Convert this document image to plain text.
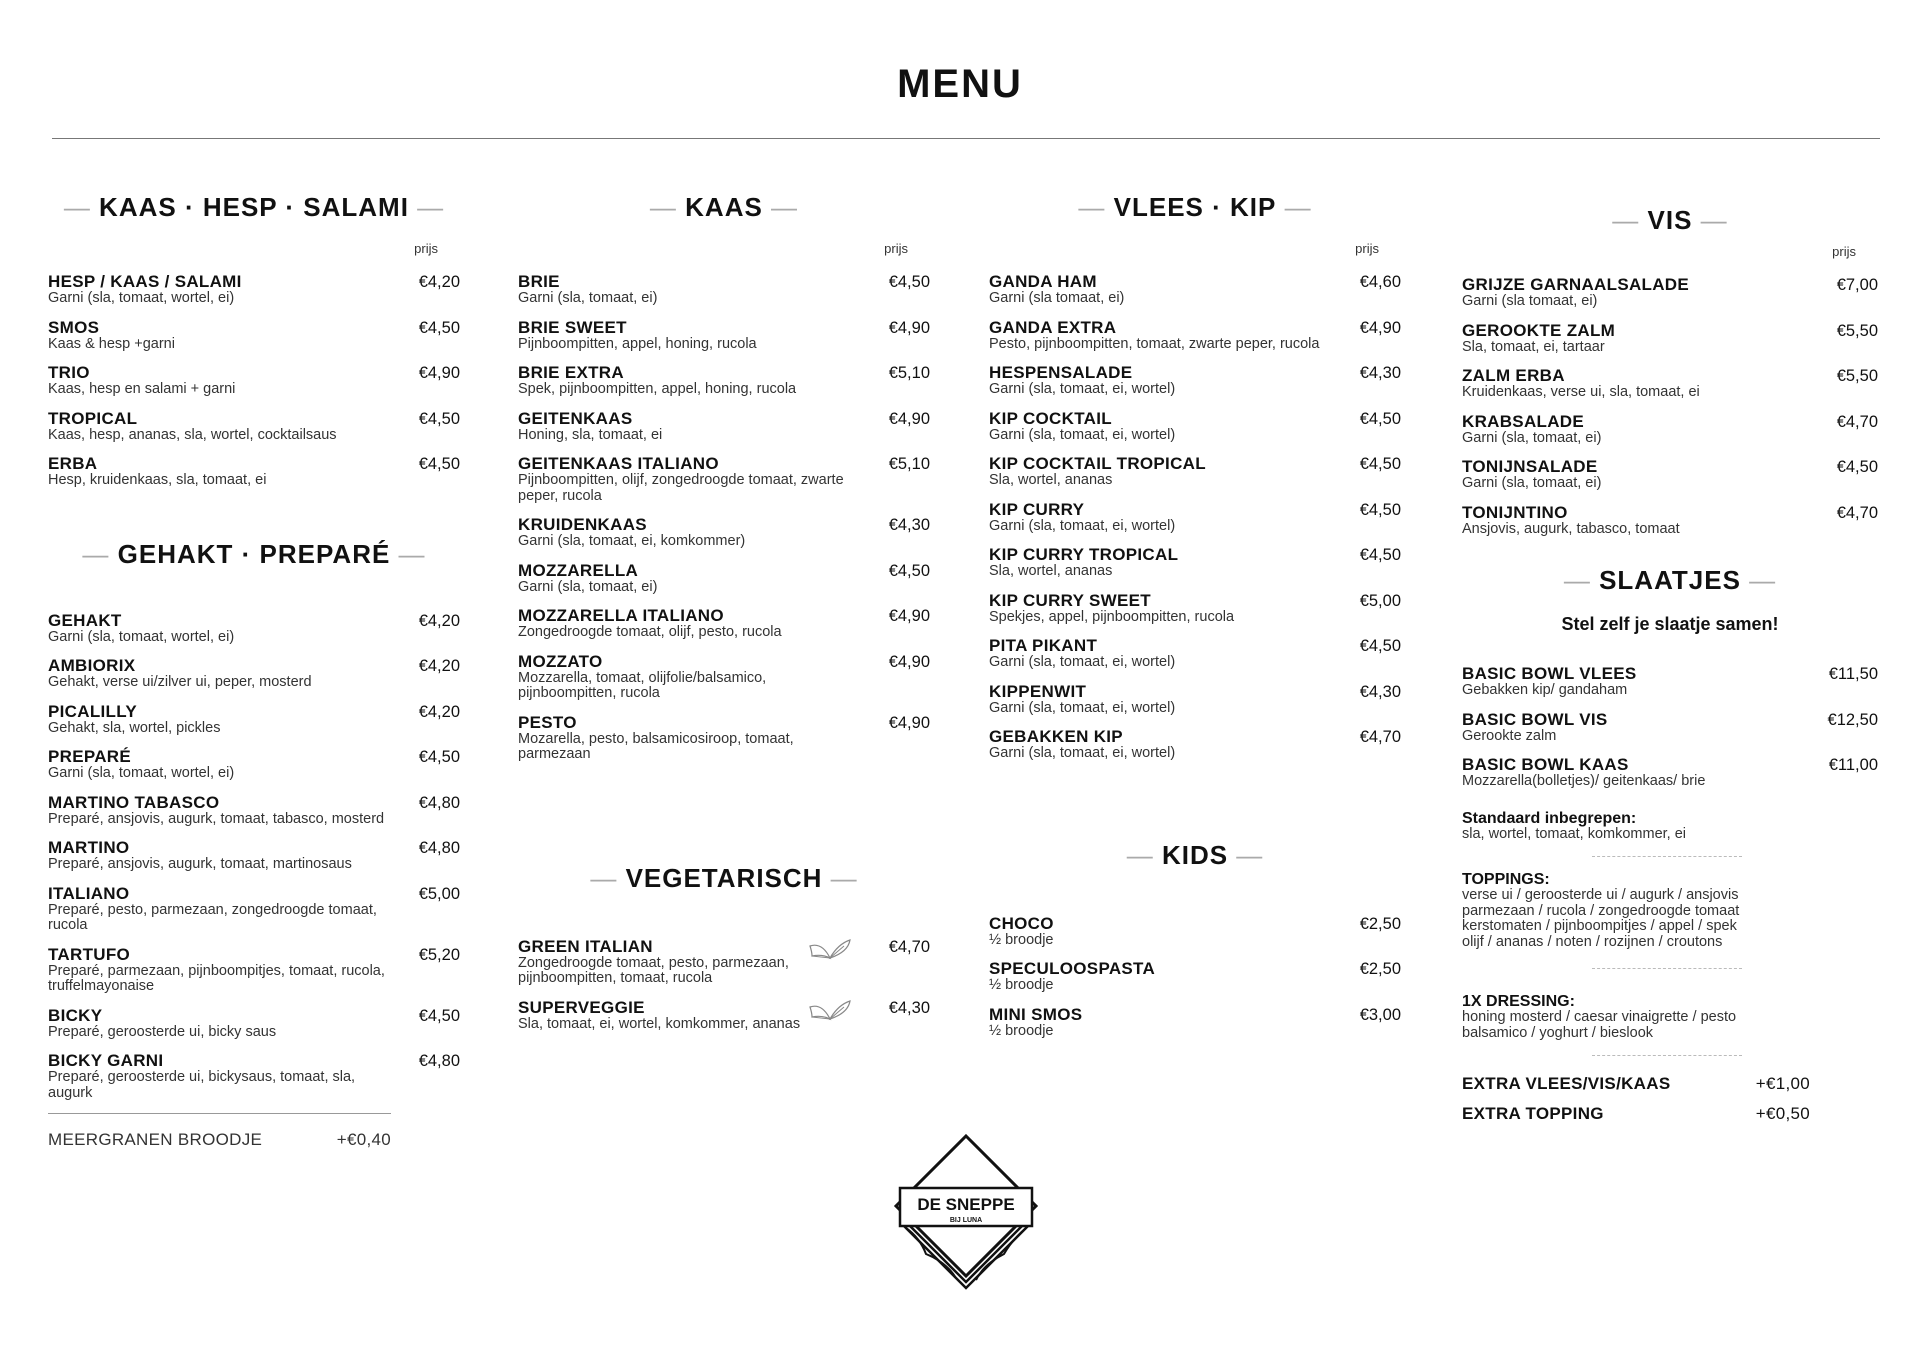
MENU
— KAAS · HESP · SALAMI —
prijs
HESP / KAAS / SALAMI
Garni (sla, tomaat, wortel, ei)
€4,20
SMOS
Kaas & hesp +garni
€4,50
TRIO
Kaas, hesp en salami + garni
€4,90
TROPICAL
Kaas, hesp, ananas, sla, wortel, cocktailsaus
€4,50
ERBA
Hesp, kruidenkaas, sla, tomaat, ei
€4,50
— GEHAKT · PREPARÉ —
GEHAKT
Garni (sla, tomaat, wortel, ei)
€4,20
AMBIORIX
Gehakt, verse ui/zilver ui, peper, mosterd
€4,20
PICALILLY
Gehakt, sla, wortel, pickles
€4,20
PREPARÉ
Garni (sla, tomaat, wortel, ei)
€4,50
MARTINO TABASCO
Preparé, ansjovis, augurk, tomaat, tabasco, mosterd
€4,80
MARTINO
Preparé, ansjovis, augurk, tomaat, martinosaus
€4,80
ITALIANO
Preparé, pesto, parmezaan, zongedroogde tomaat, rucola
€5,00
TARTUFO
Preparé, parmezaan, pijnboompitjes, tomaat, rucola, truffelmayonaise
€5,20
BICKY
Preparé, geroosterde ui, bicky saus
€4,50
BICKY GARNI
Preparé, geroosterde ui, bickysaus, tomaat, sla, augurk
€4,80
MEERGRANEN BROODJE	+€0,40
— KAAS —
prijs
BRIE
Garni (sla, tomaat, ei)
€4,50
BRIE SWEET
Pijnboompitten, appel, honing, rucola
€4,90
BRIE EXTRA
Spek, pijnboompitten, appel, honing, rucola
€5,10
GEITENKAAS
Honing, sla, tomaat, ei
€4,90
GEITENKAAS ITALIANO
Pijnboompitten, olijf, zongedroogde tomaat, zwarte peper, rucola
€5,10
KRUIDENKAAS
Garni (sla, tomaat, ei, komkommer)
€4,30
MOZZARELLA
Garni (sla, tomaat, ei)
€4,50
MOZZARELLA ITALIANO
Zongedroogde tomaat, olijf, pesto, rucola
€4,90
MOZZATO
Mozzarella, tomaat, olijfolie/balsamico, pijnboompitten, rucola
€4,90
PESTO
Mozarella, pesto, balsamicosiroop, tomaat, parmezaan
€4,90
— VEGETARISCH —
GREEN ITALIAN
Zongedroogde tomaat, pesto, parmezaan, pijnboompitten, tomaat, rucola
€4,70
SUPERVEGGIE
Sla, tomaat, ei, wortel, komkommer, ananas
€4,30
— VLEES · KIP —
prijs
GANDA HAM
Garni (sla tomaat, ei)
€4,60
GANDA EXTRA
Pesto, pijnboompitten, tomaat, zwarte peper, rucola
€4,90
HESPENSALADE
Garni (sla, tomaat, ei, wortel)
€4,30
KIP COCKTAIL
Garni (sla, tomaat, ei, wortel)
€4,50
KIP COCKTAIL TROPICAL
Sla, wortel, ananas
€4,50
KIP CURRY
Garni (sla, tomaat, ei, wortel)
€4,50
KIP CURRY TROPICAL
Sla, wortel, ananas
€4,50
KIP CURRY SWEET
Spekjes, appel, pijnboompitten, rucola
€5,00
PITA PIKANT
Garni (sla, tomaat, ei, wortel)
€4,50
KIPPENWIT
Garni (sla, tomaat, ei, wortel)
€4,30
GEBAKKEN KIP
Garni (sla, tomaat, ei, wortel)
€4,70
— KIDS —
CHOCO
½ broodje
€2,50
SPECULOOSPASTA
½ broodje
€2,50
MINI SMOS
½ broodje
€3,00
— VIS —
prijs
GRIJZE GARNAALSALADE
Garni (sla tomaat, ei)
€7,00
GEROOKTE ZALM
Sla, tomaat, ei, tartaar
€5,50
ZALM ERBA
Kruidenkaas, verse ui, sla, tomaat, ei
€5,50
KRABSALADE
Garni (sla, tomaat, ei)
€4,70
TONIJNSALADE
Garni (sla, tomaat, ei)
€4,50
TONIJNTINO
Ansjovis, augurk, tabasco, tomaat
€4,70
— SLAATJES —
Stel zelf je slaatje samen!
BASIC BOWL VLEES
Gebakken kip/ gandaham
€11,50
BASIC BOWL VIS
Gerookte zalm
€12,50
BASIC BOWL KAAS
Mozzarella(bolletjes)/ geitenkaas/ brie
€11,00
Standaard inbegrepen:
sla, wortel, tomaat, komkommer, ei
TOPPINGS:
verse ui / geroosterde ui / augurk / ansjovis
parmezaan / rucola / zongedroogde tomaat
kerstomaten / pijnboompitjes / appel / spek
olijf / ananas / noten / rozijnen / croutons
1X DRESSING:
honing mosterd / caesar vinaigrette / pesto
balsamico / yoghurt / bieslook
EXTRA VLEES/VIS/KAAS	+€1,00
EXTRA TOPPING	+€0,50
DE SNEPPE
BIJ LUNA
